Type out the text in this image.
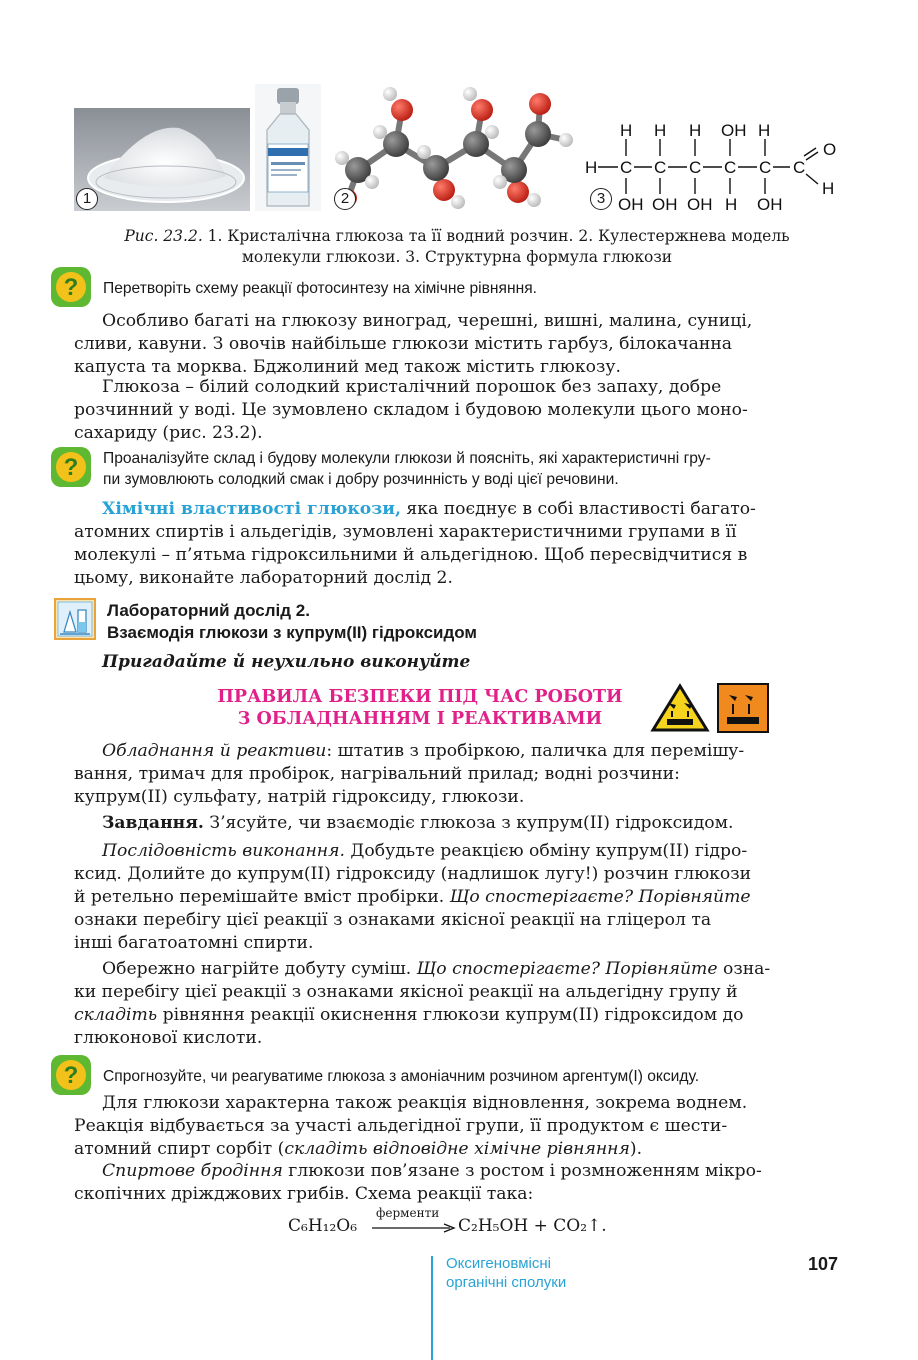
1	2
H H H OH H
H C C C C C C
O
H
OH OH OH H OH
3
Рис. 23.2. 1. Кристалічна глюкоза та її водний розчин. 2. Кулестержнева модель
молекули глюкози. 3. Структурна формула глюкози
? Перетворіть схему реакції фотосинтезу на хімічне рівняння.
Особливо багаті на глюкозу виноград, черешні, вишні, малина, суниці,
сливи, кавуни. З овочів найбільше глюкози містить гарбуз, білокачанна
капуста та морква. Бджолиний мед також містить глюкозу.
Глюкоза – білий солодкий кристалічний порошок без запаху, добре
розчинний у воді. Це зумовлено складом і будовою молекули цього моно-
сахариду (рис. 23.2).
? Проаналізуйте склад і будову молекули глюкози й поясніть, які характеристичні гру-
пи зумовлюють солодкий смак і добру розчинність у воді цієї речовини.
Хімічні властивості глюкози, яка поєднує в собі властивості багато-
атомних спиртів і альдегідів, зумовлені характеристичними групами в її
молекулі – п’ятьма гідроксильними й альдегідною. Щоб пересвідчитися в
цьому, виконайте лабораторний дослід 2.
Лабораторний дослід 2.
Взаємодія глюкози з купрум(II) гідроксидом
Пригадайте й неухильно виконуйте
ПРАВИЛА БЕЗПЕКИ ПІД ЧАС РОБОТИ
З ОБЛАДНАННЯМ І РЕАКТИВАМИ
Обладнання й реактиви: штатив з пробіркою, паличка для перемішу-
вання, тримач для пробірок, нагрівальний прилад; водні розчини:
купрум(II) сульфату, натрій гідроксиду, глюкози.
Завдання. З’ясуйте, чи взаємодіє глюкоза з купрум(II) гідроксидом.
Послідовність виконання. Добудьте реакцією обміну купрум(II) гідро-
ксид. Долийте до купрум(II) гідроксиду (надлишок лугу!) розчин глюкози
й ретельно перемішайте вміст пробірки. Що спостерігаєте? Порівняйте
ознаки перебігу цієї реакції з ознаками якісної реакції на гліцерол та
інші багатоатомні спирти.
Обережно нагрійте добуту суміш. Що спостерігаєте? Порівняйте озна-
ки перебігу цієї реакції з ознаками якісної реакції на альдегідну групу й
складіть рівняння реакції окиснення глюкози купрум(II) гідроксидом до
глюконової кислоти.
? Спрогнозуйте, чи реагуватиме глюкоза з амоніачним розчином аргентум(I) оксиду.
Для глюкози характерна також реакція відновлення, зокрема воднем.
Реакція відбувається за участі альдегідної групи, її продуктом є шести-
атомний спирт сорбіт (складіть відповідне хімічне рівняння).
Спиртове бродіння глюкози пов’язане з ростом і розмноженням мікро-
скопічних дріжджових грибів. Схема реакції така:
C₆H₁₂O₆
ферменти
C₂H₅OH + CO₂↑.
Оксигеновмісні
органічні сполуки
107
